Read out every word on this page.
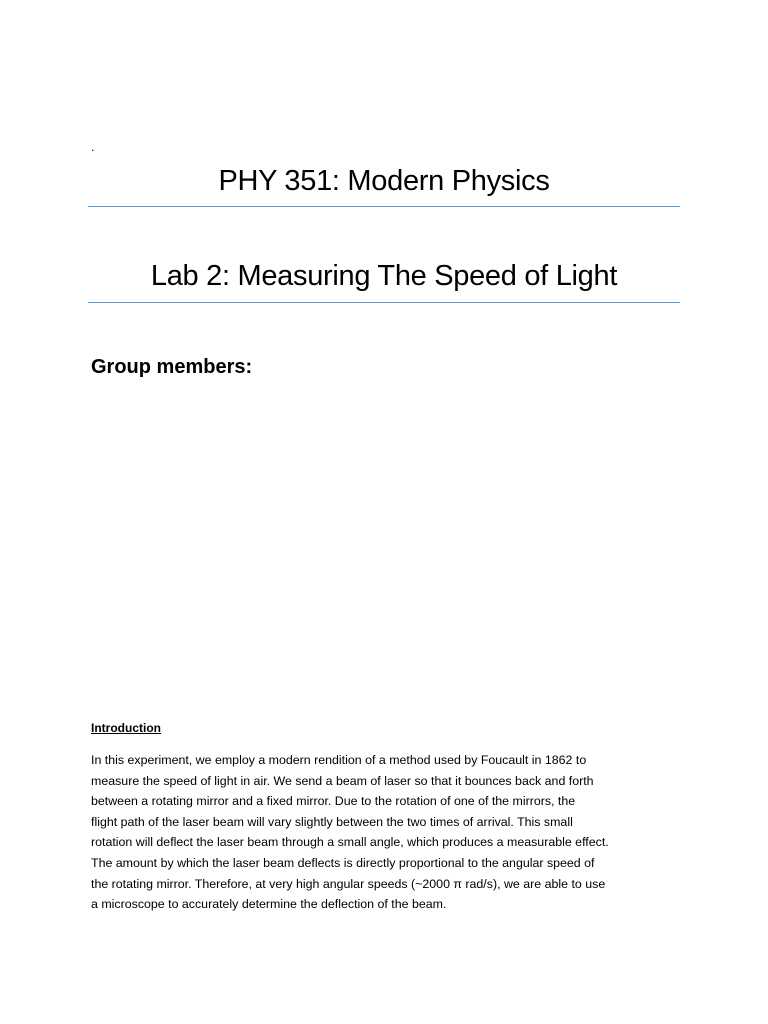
.
PHY 351: Modern Physics
Lab 2: Measuring The Speed of Light
Group members:
Introduction

In this experiment, we employ a modern rendition of a method used by Foucault in 1862 to
measure the speed of light in air. We send a beam of laser so that it bounces back and forth
between a rotating mirror and a fixed mirror. Due to the rotation of one of the mirrors, the
flight path of the laser beam will vary slightly between the two times of arrival. This small
rotation will deflect the laser beam through a small angle, which produces a measurable effect.
The amount by which the laser beam deflects is directly proportional to the angular speed of
the rotating mirror. Therefore, at very high angular speeds (~2000 π rad/s), we are able to use
a microscope to accurately determine the deflection of the beam.
